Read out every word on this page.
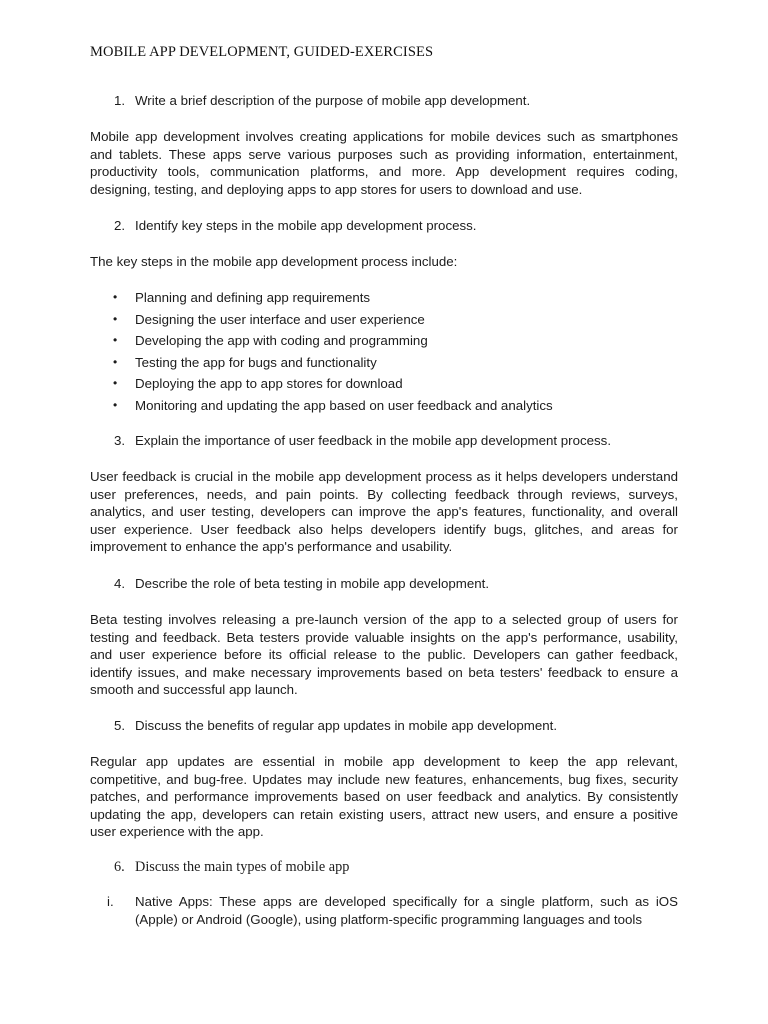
MOBILE APP DEVELOPMENT, GUIDED-EXERCISES
1. Write a brief description of the purpose of mobile app development.

Mobile app development involves creating applications for mobile devices such as smartphones and tablets. These apps serve various purposes such as providing information, entertainment, productivity tools, communication platforms, and more. App development requires coding, designing, testing, and deploying apps to app stores for users to download and use.

2. Identify key steps in the mobile app development process.

The key steps in the mobile app development process include:

• Planning and defining app requirements
• Designing the user interface and user experience
• Developing the app with coding and programming
• Testing the app for bugs and functionality
• Deploying the app to app stores for download
• Monitoring and updating the app based on user feedback and analytics
3. Explain the importance of user feedback in the mobile app development process.

User feedback is crucial in the mobile app development process as it helps developers understand user preferences, needs, and pain points. By collecting feedback through reviews, surveys, analytics, and user testing, developers can improve the app's features, functionality, and overall user experience. User feedback also helps developers identify bugs, glitches, and areas for improvement to enhance the app's performance and usability.

4. Describe the role of beta testing in mobile app development.

Beta testing involves releasing a pre-launch version of the app to a selected group of users for testing and feedback. Beta testers provide valuable insights on the app's performance, usability, and user experience before its official release to the public. Developers can gather feedback, identify issues, and make necessary improvements based on beta testers' feedback to ensure a smooth and successful app launch.

5. Discuss the benefits of regular app updates in mobile app development.

Regular app updates are essential in mobile app development to keep the app relevant, competitive, and bug-free. Updates may include new features, enhancements, bug fixes, security patches, and performance improvements based on user feedback and analytics. By consistently updating the app, developers can retain existing users, attract new users, and ensure a positive user experience with the app.

6. Discuss the main types of mobile app
i. Native Apps: These apps are developed specifically for a single platform, such as iOS (Apple) or Android (Google), using platform-specific programming languages and tools
